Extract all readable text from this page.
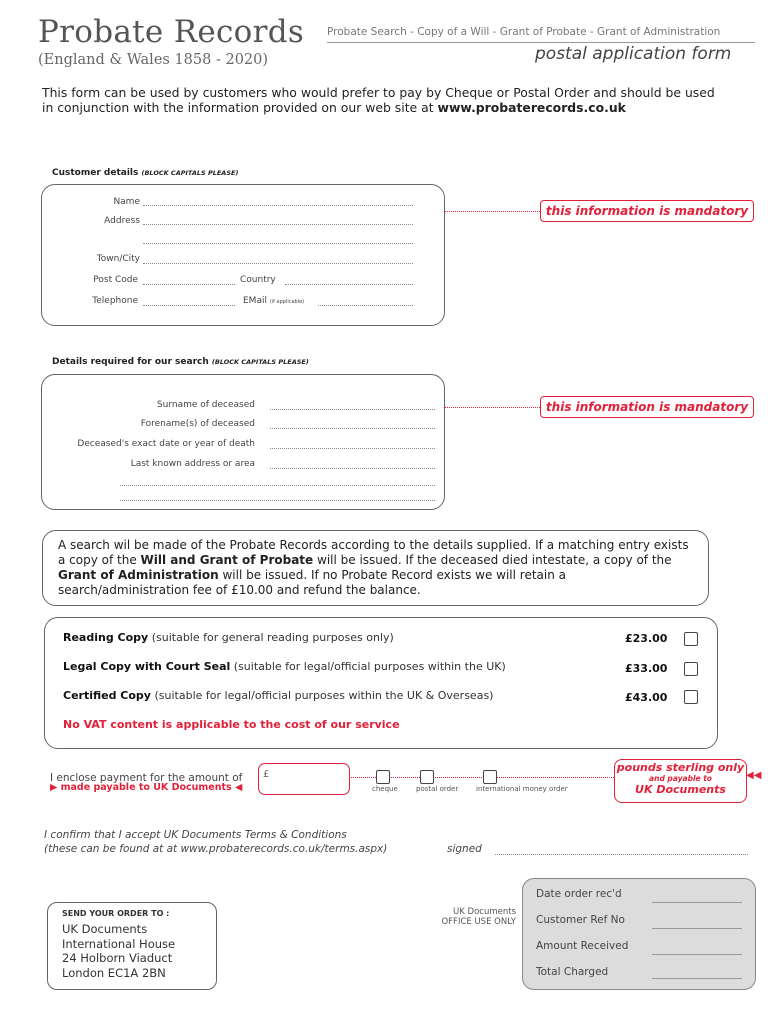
Probate Records
(England & Wales 1858 - 2020)
Probate Search - Copy of a Will - Grant of Probate - Grant of Administration
postal application form
This form can be used by customers who would prefer to pay by Cheque or Postal Order and should be used in conjunction with the information provided on our web site at www.probaterecords.co.uk
Customer details (BLOCK CAPITALS PLEASE)
Name
Address
Town/City
Post Code	Country
Telephone	EMail (if applicable)
this information is mandatory
Details required for our search (BLOCK CAPITALS PLEASE)
Surname of deceased
Forename(s) of deceased
Deceased's exact date or year of death
Last known address or area
this information is mandatory
A search wil be made of the Probate Records according to the details supplied. If a matching entry exists a copy of the Will and Grant of Probate will be issued. If the deceased died intestate, a copy of the Grant of Administration will be issued. If no Probate Record exists we will retain a search/administration fee of £10.00 and refund the balance.
Reading Copy (suitable for general reading purposes only)	£23.00
Legal Copy with Court Seal (suitable for legal/official purposes within the UK)	£33.00
Certified Copy (suitable for legal/official purposes within the UK & Overseas)	£43.00
No VAT content is applicable to the cost of our service
I enclose payment for the amount of
▶ made payable to UK Documents ◀
£
cheque	postal order	international money order
pounds sterling only
and payable to
UK Documents
◀◀
I confirm that I accept UK Documents Terms & Conditions
(these can be found at at www.probaterecords.co.uk/terms.aspx)	signed
SEND YOUR ORDER TO :
UK Documents
International House
24 Holborn Viaduct
London EC1A 2BN
UK Documents
OFFICE USE ONLY
Date order rec'd
Customer Ref No
Amount Received
Total Charged
